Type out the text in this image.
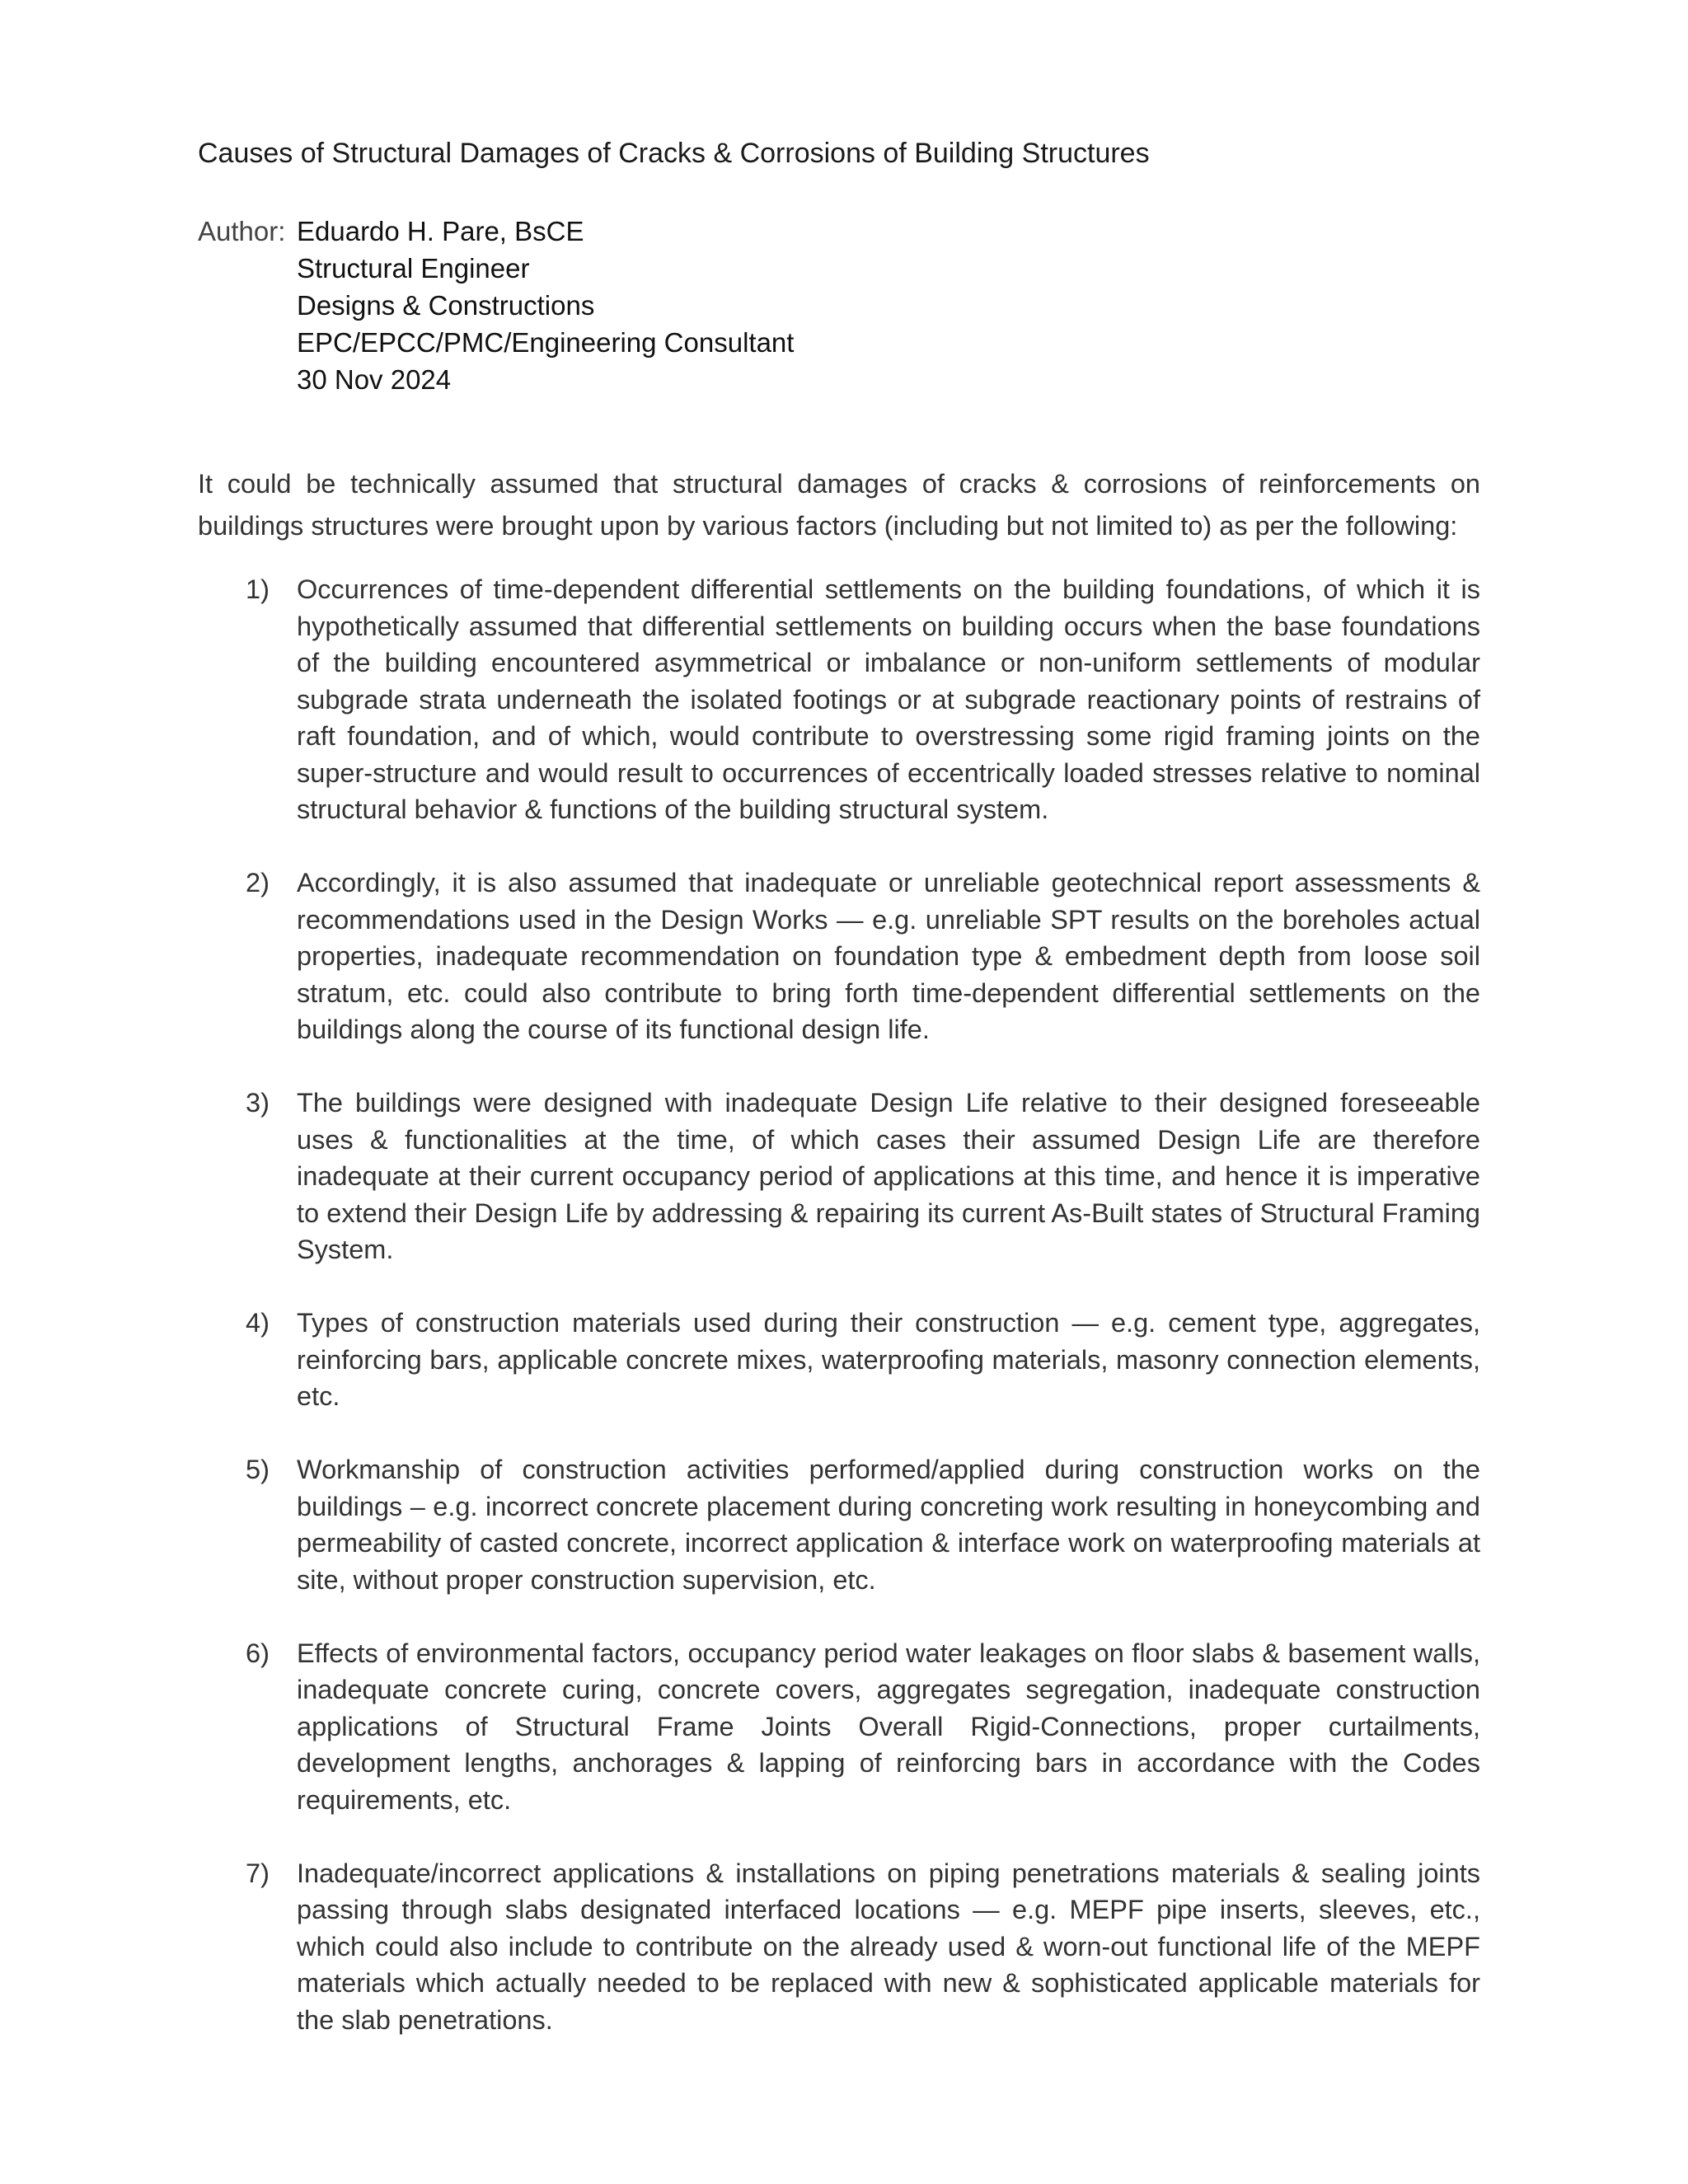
Causes of Structural Damages of Cracks & Corrosions of Building Structures
Author: Eduardo H. Pare, BsCE
Structural Engineer
Designs & Constructions
EPC/EPCC/PMC/Engineering Consultant
30 Nov 2024

It could be technically assumed that structural damages of cracks & corrosions of reinforcements on buildings structures were brought upon by various factors (including but not limited to) as per the following:

1)	Occurrences of time-dependent differential settlements on the building foundations, of which it is hypothetically assumed that differential settlements on building occurs when the base foundations of the building encountered asymmetrical or imbalance or non-uniform settlements of modular subgrade strata underneath the isolated footings or at subgrade reactionary points of restrains of raft foundation, and of which, would contribute to overstressing some rigid framing joints on the super-structure and would result to occurrences of eccentrically loaded stresses relative to nominal structural behavior & functions of the building structural system.
2)	Accordingly, it is also assumed that inadequate or unreliable geotechnical report assessments & recommendations used in the Design Works — e.g. unreliable SPT results on the boreholes actual properties, inadequate recommendation on foundation type & embedment depth from loose soil stratum, etc. could also contribute to bring forth time-dependent differential settlements on the buildings along the course of its functional design life.
3)	The buildings were designed with inadequate Design Life relative to their designed foreseeable uses & functionalities at the time, of which cases their assumed Design Life are therefore inadequate at their current occupancy period of applications at this time, and hence it is imperative to extend their Design Life by addressing & repairing its current As-Built states of Structural Framing System.
4)	Types of construction materials used during their construction — e.g. cement type, aggregates, reinforcing bars, applicable concrete mixes, waterproofing materials, masonry connection elements, etc.
5)	Workmanship of construction activities performed/applied during construction works on the buildings – e.g. incorrect concrete placement during concreting work resulting in honeycombing and permeability of casted concrete, incorrect application & interface work on waterproofing materials at site, without proper construction supervision, etc.
6)	Effects of environmental factors, occupancy period water leakages on floor slabs & basement walls, inadequate concrete curing, concrete covers, aggregates segregation, inadequate construction applications of Structural Frame Joints Overall Rigid-Connections, proper curtailments, development lengths, anchorages & lapping of reinforcing bars in accordance with the Codes requirements, etc.
7)	Inadequate/incorrect applications & installations on piping penetrations materials & sealing joints passing through slabs designated interfaced locations — e.g. MEPF pipe inserts, sleeves, etc., which could also include to contribute on the already used & worn-out functional life of the MEPF materials which actually needed to be replaced with new & sophisticated applicable materials for the slab penetrations.
